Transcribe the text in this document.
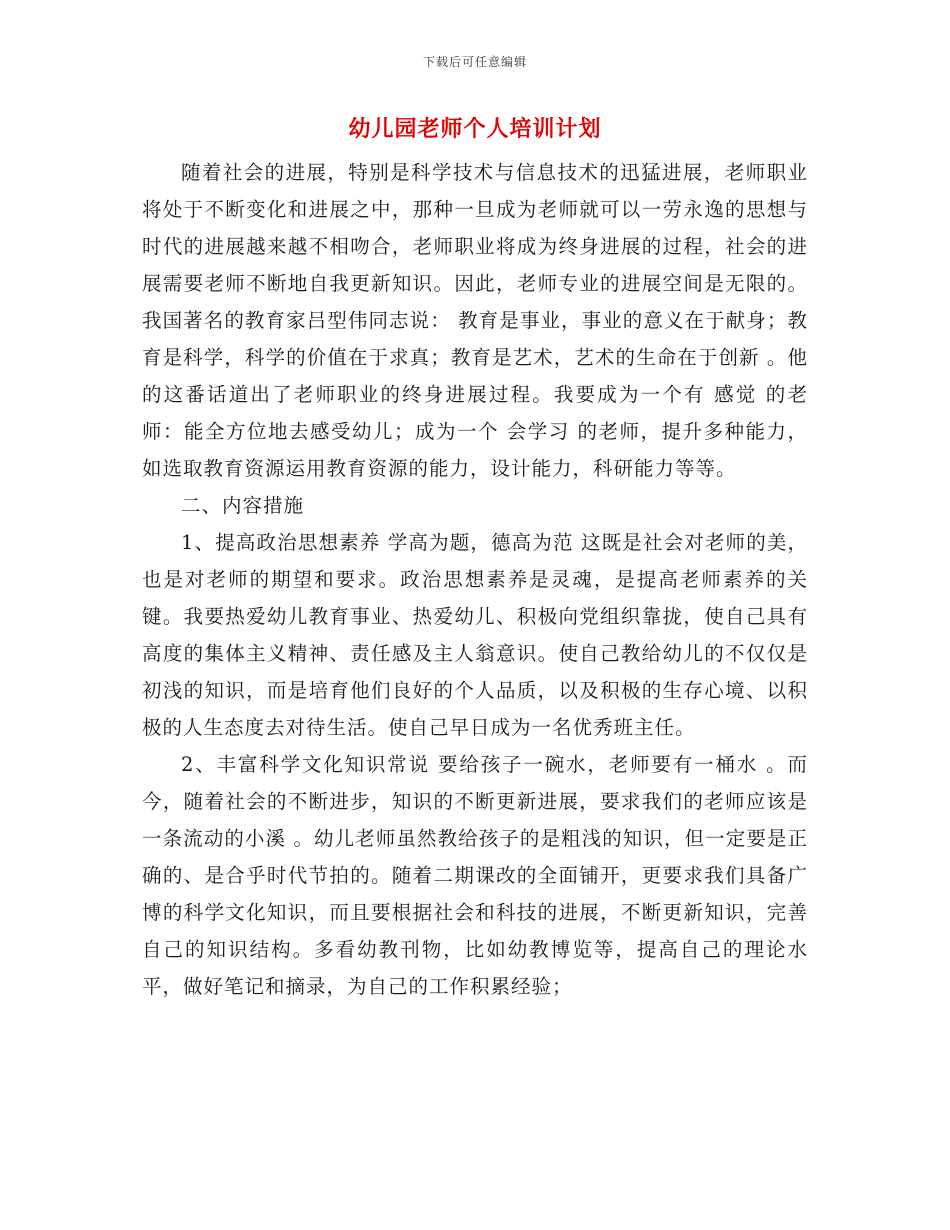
下载后可任意编辑
幼儿园老师个人培训计划

随着社会的进展，特别是科学技术与信息技术的迅猛进展，老师职业将处于不断变化和进展之中，那种一旦成为老师就可以一劳永逸的思想与时代的进展越来越不相吻合，老师职业将成为终身进展的过程，社会的进展需要老师不断地自我更新知识。因此，老师专业的进展空间是无限的。我国著名的教育家吕型伟同志说： 教育是事业，事业的意义在于献身；教育是科学，科学的价值在于求真；教育是艺术，艺术的生命在于创新 。他的这番话道出了老师职业的终身进展过程。我要成为一个有 感觉 的老师：能全方位地去感受幼儿；成为一个 会学习 的老师，提升多种能力，如选取教育资源运用教育资源的能力，设计能力，科研能力等等。

二、内容措施

1、提高政治思想素养 学高为题，德高为范 这既是社会对老师的美，也是对老师的期望和要求。政治思想素养是灵魂，是提高老师素养的关键。我要热爱幼儿教育事业、热爱幼儿、积极向党组织靠拢，使自己具有高度的集体主义精神、责任感及主人翁意识。使自己教给幼儿的不仅仅是初浅的知识，而是培育他们良好的个人品质，以及积极的生存心境、以积极的人生态度去对待生活。使自己早日成为一名优秀班主任。

2、丰富科学文化知识常说 要给孩子一碗水，老师要有一桶水 。而今，随着社会的不断进步，知识的不断更新进展，要求我们的老师应该是 一条流动的小溪 。幼儿老师虽然教给孩子的是粗浅的知识，但一定要是正确的、是合乎时代节拍的。随着二期课改的全面铺开，更要求我们具备广博的科学文化知识，而且要根据社会和科技的进展，不断更新知识，完善自己的知识结构。多看幼教刊物，比如幼教博览等，提高自己的理论水平，做好笔记和摘录，为自己的工作积累经验；
